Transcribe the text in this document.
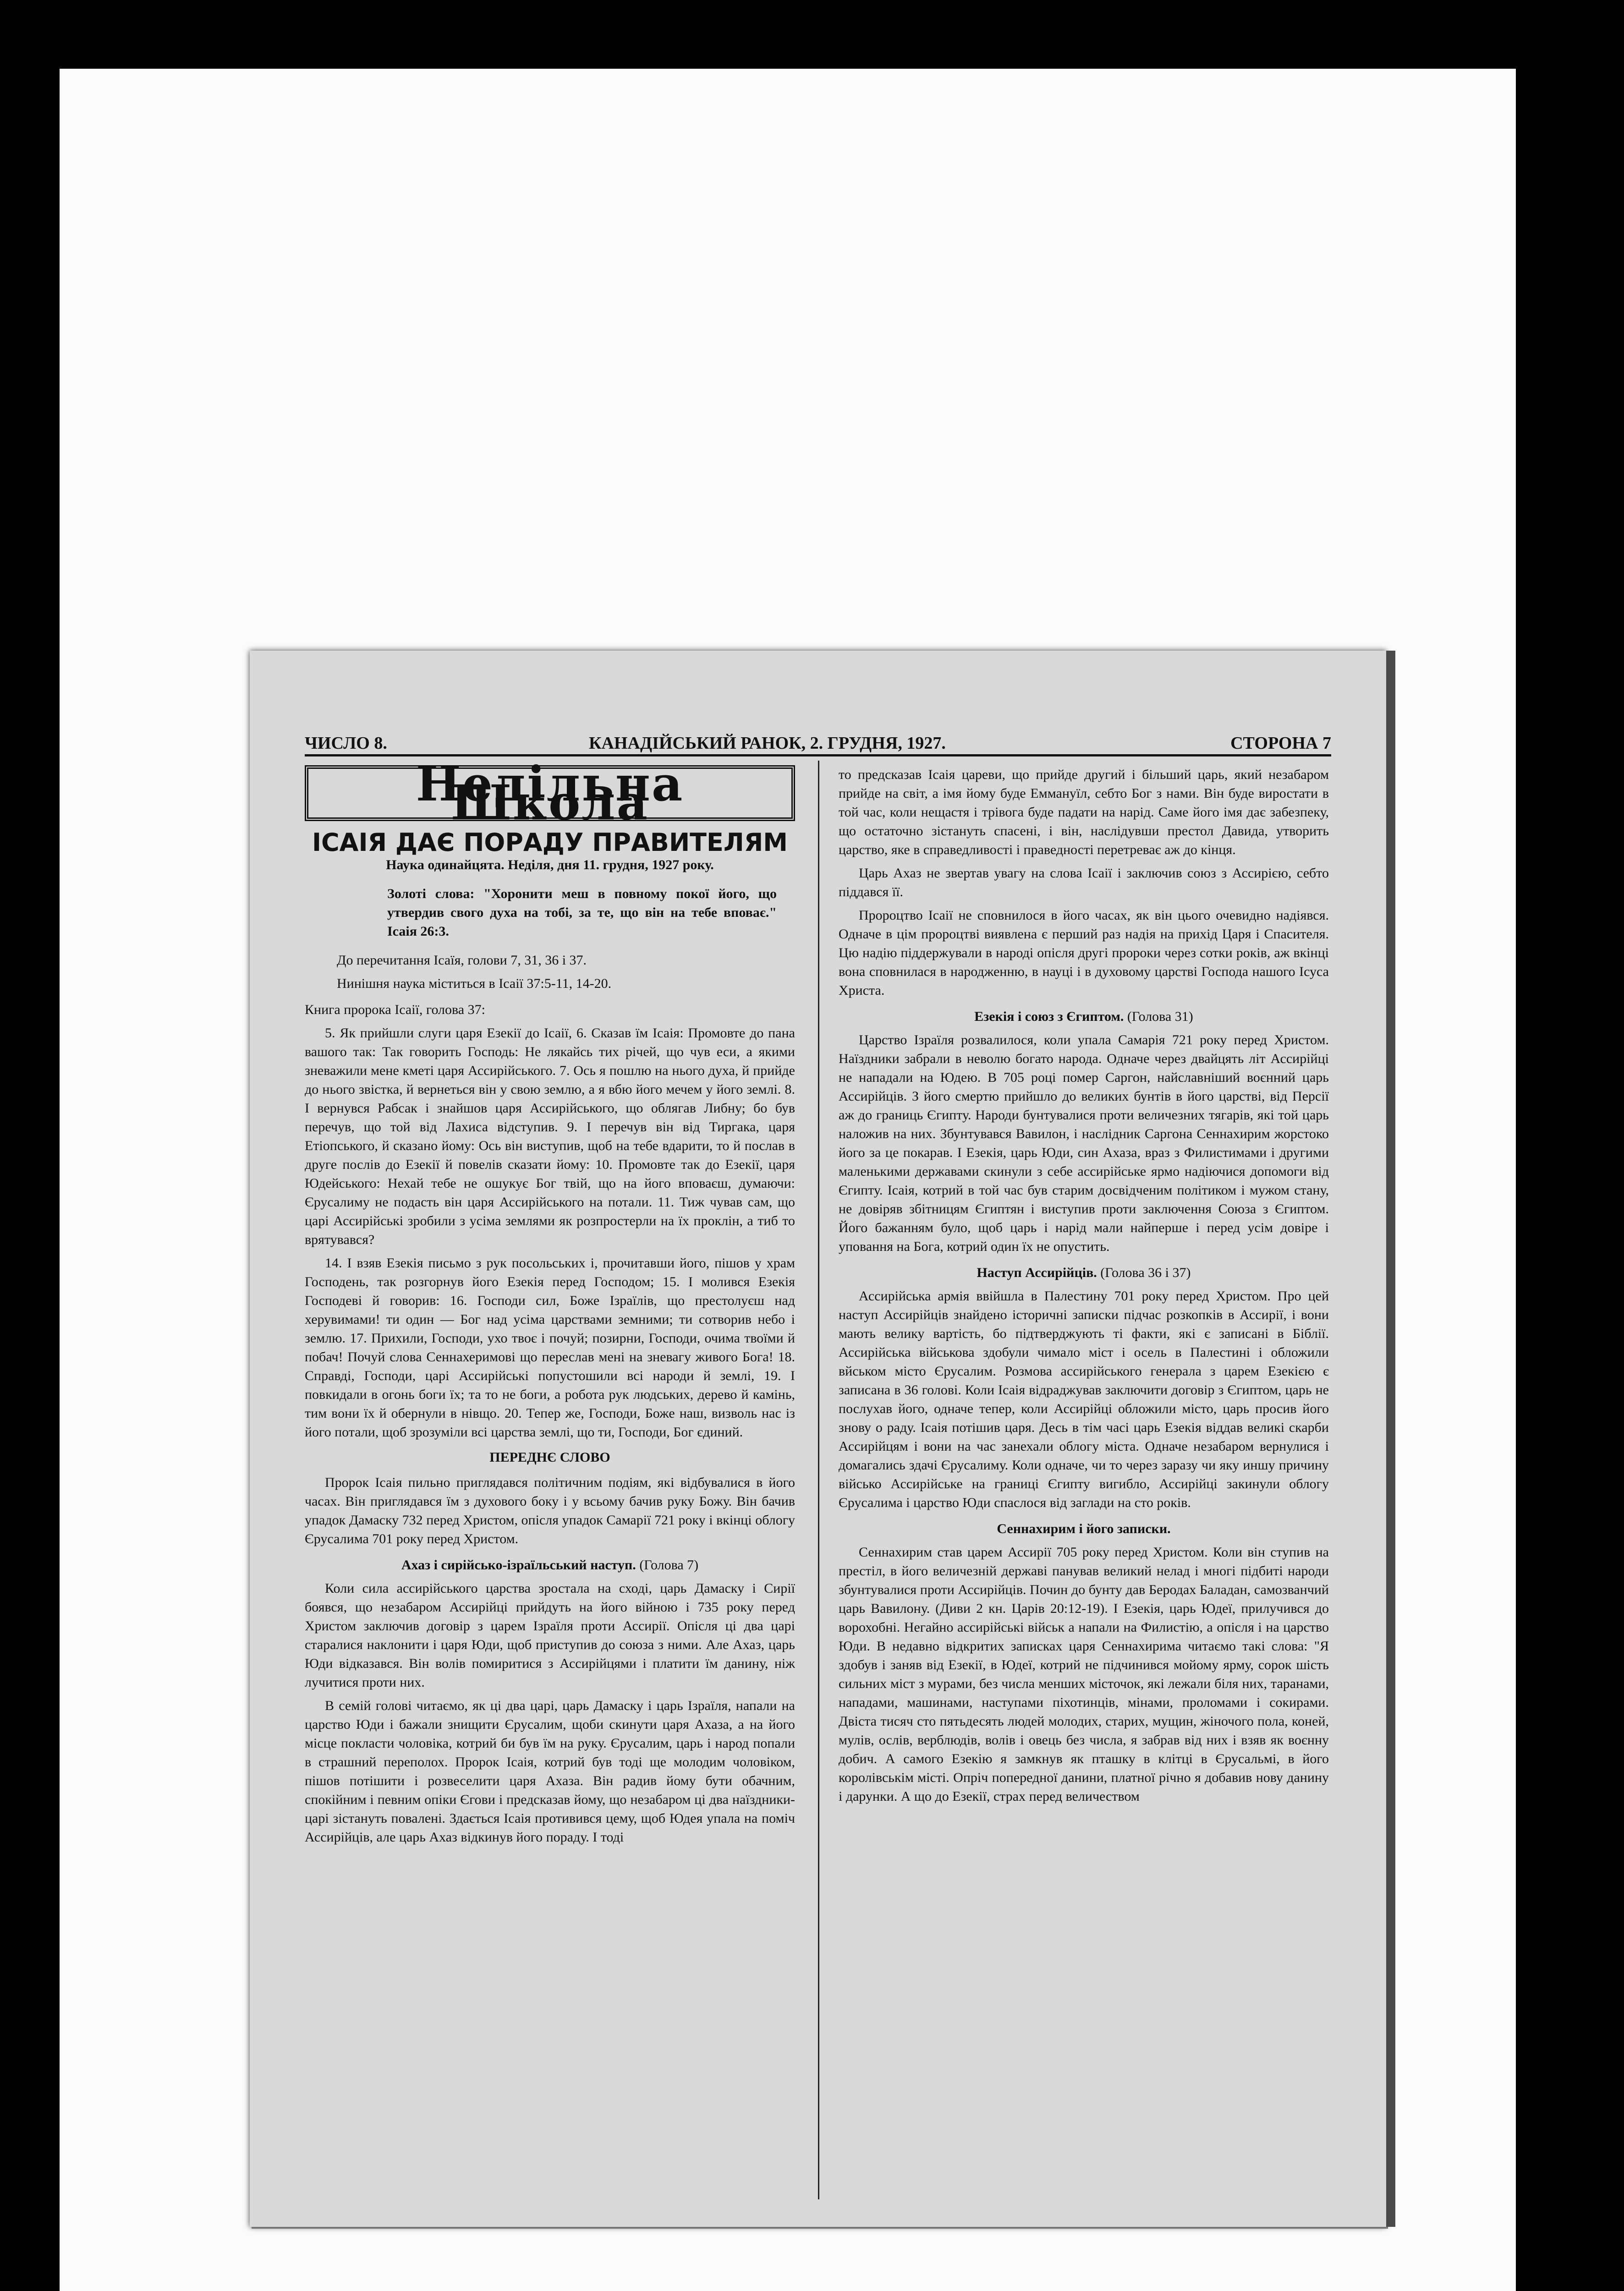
ЧИСЛО 8.	КАНАДІЙСЬКИЙ РАНОК, 2. ГРУДНЯ, 1927.	СТОРОНА 7
Недільна Школа
ІСАІЯ ДАЄ ПОРАДУ ПРАВИТЕЛЯМ
Наука одинайцята. Неділя, дня 11. грудня, 1927 року.
Золоті слова: "Хоронити меш в повному покої його, що утвердив свого духа на тобі, за те, що він на тебе вповає." Ісаія 26:3.

До перечитання Ісаїя, голови 7, 31, 36 і 37.

Нинішня наука міститься в Ісаії 37:5-11, 14-20.

Книга пророка Ісаії, голова 37:

5. Як прийшли слуги царя Езекії до Ісаії, 6. Сказав їм Ісаія: Промовте до пана вашого так: Так говорить Господь: Не лякайсь тих річей, що чув еси, а якими зневажили мене кметі царя Ассирійського. 7. Ось я пошлю на нього духа, й прийде до нього звістка, й вернеться він у свою землю, а я вбю його мечем у його землі. 8. І вернувся Рабсак і знайшов царя Ассирійського, що облягав Либну; бо був перечув, що той від Лахиса відступив. 9. І перечув він від Тиргака, царя Етіопського, й сказано йому: Ось він виступив, щоб на тебе вдарити, то й послав в друге послів до Езекії й повелів сказати йому: 10. Промовте так до Езекії, царя Юдейського: Нехай тебе не ошукує Бог твій, що на його вповаєш, думаючи: Єрусалиму не подасть він царя Ассирійського на потали. 11. Тиж чував сам, що царі Ассирійські зробили з усіма землями як розпростерли на їх проклін, а тиб то врятувався?

14. І взяв Езекія письмо з рук посольських і, прочитавши його, пішов у храм Господень, так розгорнув його Езекія перед Господом; 15. І молився Езекія Господеві й говорив: 16. Господи сил, Боже Ізраїлів, що престолуєш над херувимами! ти один — Бог над усіма царствами земними; ти сотворив небо і землю. 17. Прихили, Господи, ухо твоє і почуй; позирни, Господи, очима твоїми й побач! Почуй слова Сеннахеримові що переслав мені на зневагу живого Бога! 18. Справді, Господи, царі Ассирійські попустошили всі народи й землі, 19. І повкидали в огонь боги їх; та то не боги, а робота рук людських, дерево й камінь, тим вони їх й обернули в нівщо. 20. Тепер же, Господи, Боже наш, визволь нас із його потали, щоб зрозуміли всі царства землі, що ти, Господи, Бог єдиний.

ПЕРЕДНЄ СЛОВО

Пророк Ісаія пильно приглядався політичним подіям, які відбувалися в його часах. Він приглядався їм з духового боку і у всьому бачив руку Божу. Він бачив упадок Дамаску 732 перед Христом, опісля упадок Самарії 721 року і вкінці облогу Єрусалима 701 року перед Христом.

Ахаз і сирійсько-ізраїльський наступ. (Голова 7)

Коли сила ассирійського царства зростала на сході, царь Дамаску і Сирії боявся, що незабаром Ассирійці прийдуть на його війною і 735 року перед Христом заключив договір з царем Ізраїля проти Ассирії. Опісля ці два царі старалися наклонити і царя Юди, щоб приступив до союза з ними. Але Ахаз, царь Юди відказався. Він волів помиритися з Ассирійцями і платити їм данину, ніж лучитися проти них.

В семій голові читаємо, як ці два царі, царь Дамаску і царь Ізраїля, напали на царство Юди і бажали знищити Єрусалим, щоби скинути царя Ахаза, а на його місце покласти чоловіка, котрий би був їм на руку. Єрусалим, царь і народ попали в страшний переполох. Пророк Ісаія, котрий був тоді ще молодим чоловіком, пішов потішити і розвеселити царя Ахаза. Він радив йому бути обачним, спокійним і певним опіки Єгови і предсказав йому, що незабаром ці два наїздники-царі зістануть повалені. Здається Ісаія противився цему, щоб Юдея упала на поміч Ассирійців, але царь Ахаз відкинув його пораду. І тоді

то предсказав Ісаія цареви, що прийде другий і більший царь, який незабаром прийде на світ, а імя йому буде Еммануїл, себто Бог з нами. Він буде виростати в той час, коли нещастя і трівога буде падати на нарід. Саме його імя дає забезпеку, що остаточно зістануть спасені, і він, наслідувши престол Давида, утворить царство, яке в справедливості і праведності перетреває аж до кінця.

Царь Ахаз не звертав увагу на слова Ісаії і заключив союз з Ассирією, себто піддався її.

Пророцтво Ісаії не сповнилося в його часах, як він цього очевидно надіявся. Одначе в цім пророцтві виявлена є перший раз надія на прихід Царя і Спасителя. Цю надію піддержували в народі опісля другі пророки через сотки років, аж вкінці вона сповнилася в народженню, в науці і в духовому царстві Господа нашого Ісуса Христа.

Езекія і союз з Єгиптом. (Голова 31)

Царство Ізраїля розвалилося, коли упала Самарія 721 року перед Христом. Наїздники забрали в неволю богато народа. Одначе через двайцять літ Ассирійці не нападали на Юдею. В 705 році помер Саргон, найславніший воєнний царь Ассирійців. З його смертю прийшло до великих бунтів в його царстві, від Персії аж до границь Єгипту. Народи бунтувалися проти величезних тягарів, які той царь наложив на них. Збунтувався Вавилон, і наслідник Саргона Сеннахирим жорстоко його за це покарав. І Езекія, царь Юди, син Ахаза, враз з Филистимами і другими маленькими державами скинули з себе ассирійське ярмо надіючися допомоги від Єгипту. Ісаія, котрий в той час був старим досвідченим політиком і мужом стану, не довіряв збітницям Єгиптян і виступив проти заключення Союза з Єгиптом. Його бажанням було, щоб царь і нарід мали найперше і перед усім довіре і уповання на Бога, котрий один їх не опустить.

Наступ Ассирійців. (Голова 36 і 37)

Ассирійська армія ввійшла в Палестину 701 року перед Христом. Про цей наступ Ассирійців знайдено історичні записки підчас розкопків в Ассирії, і вони мають велику вартість, бо підтверджують ті факти, які є записані в Біблії. Ассирійська військова здобули чимало міст і осель в Палестині і обложили вйськом місто Єрусалим. Розмова ассирійського генерала з царем Езекією є записана в 36 голові. Коли Ісаія відраджував заключити договір з Єгиптом, царь не послухав його, одначе тепер, коли Ассирійці обложили місто, царь просив його знову о раду. Ісаія потішив царя. Десь в тім часі царь Езекія віддав великі скарби Ассирійцям і вони на час занехали облогу міста. Одначе незабаром вернулися і домагались здачі Єрусалиму. Коли одначе, чи то через заразу чи яку иншу причину військо Ассирійське на границі Єгипту вигибло, Ассирійці закинули облогу Єрусалима і царство Юди спаслося від заглади на сто років.

Сеннахирим і його записки.

Сеннахирим став царем Ассирії 705 року перед Христом. Коли він ступив на престіл, в його величезній державі панував великий нелад і многі підбиті народи збунтувалися проти Ассирійців. Почин до бунту дав Беродах Баладан, самозванчий царь Вавилону. (Диви 2 кн. Царів 20:12-19). І Езекія, царь Юдеї, прилучився до ворохобні. Негайно ассирійські військ а напали на Филистію, а опісля і на царство Юди. В недавно відкритих записках царя Сеннахирима читаємо такі слова: "Я здобув і заняв від Езекії, в Юдеї, котрий не підчинився мойому ярму, сорок шість сильних міст з мурами, без числа менших місточок, які лежали біля них, таранами, нападами, машинами, наступами піхотинців, мінами, проломами і сокирами. Двіста тисяч сто пятьдесять людей молодих, старих, мущин, жіночого пола, коней, мулів, ослів, верблюдів, волів і овець без числа, я забрав від них і взяв як воєнну добич. А самого Езекію я замкнув як пташку в клітці в Єрусальмі, в його королівськім місті. Опріч попередної данини, платної річно я добавив нову данину і дарунки. А що до Езекії, страх перед величеством
